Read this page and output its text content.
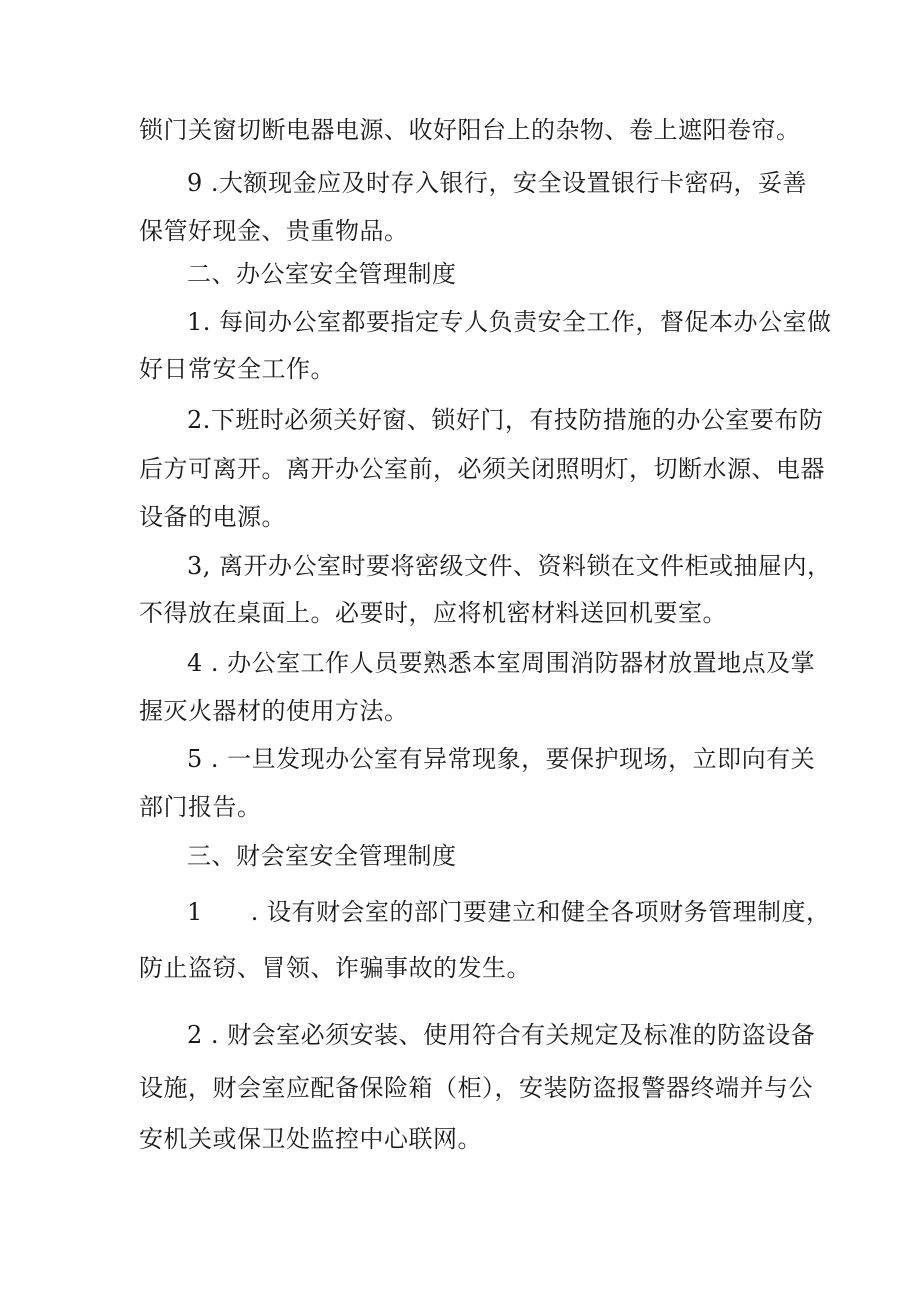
锁门关窗切断电器电源、收好阳台上的杂物、卷上遮阳卷帘。
9 .大额现金应及时存入银行，安全设置银行卡密码，妥善
保管好现金、贵重物品。
二、办公室安全管理制度
1. 每间办公室都要指定专人负责安全工作，督促本办公室做
好日常安全工作。
2.下班时必须关好窗、锁好门，有技防措施的办公室要布防
后方可离开。离开办公室前，必须关闭照明灯，切断水源、电器
设备的电源。
3, 离开办公室时要将密级文件、资料锁在文件柜或抽屉内，
不得放在桌面上。必要时，应将机密材料送回机要室。
4 . 办公室工作人员要熟悉本室周围消防器材放置地点及掌
握灭火器材的使用方法。
5 . 一旦发现办公室有异常现象，要保护现场，立即向有关
部门报告。
三、财会室安全管理制度
1 . 设有财会室的部门要建立和健全各项财务管理制度，
防止盗窃、冒领、诈骗事故的发生。
2 . 财会室必须安装、使用符合有关规定及标准的防盗设备
设施，财会室应配备保险箱（柜），安装防盗报警器终端并与公
安机关或保卫处监控中心联网。
